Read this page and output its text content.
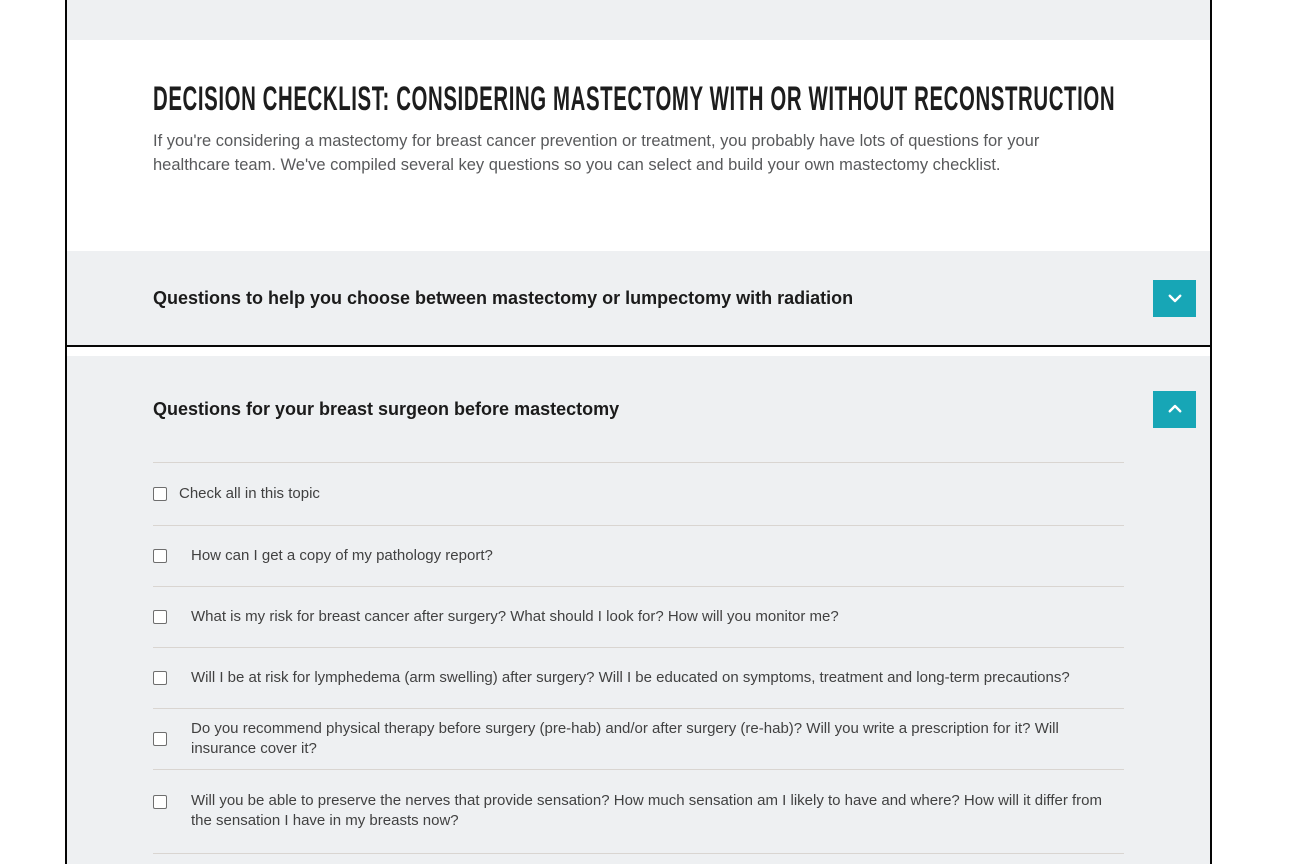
DECISION CHECKLIST: CONSIDERING MASTECTOMY WITH OR WITHOUT RECONSTRUCTION

If you're considering a mastectomy for breast cancer prevention or treatment, you probably have lots of questions for your healthcare team. We've compiled several key questions so you can select and build your own mastectomy checklist.

Questions to help you choose between mastectomy or lumpectomy with radiation
Questions for your breast surgeon before mastectomy
Check all in this topic
How can I get a copy of my pathology report?
What is my risk for breast cancer after surgery? What should I look for? How will you monitor me?
Will I be at risk for lymphedema (arm swelling) after surgery? Will I be educated on symptoms, treatment and long-term precautions?
Do you recommend physical therapy before surgery (pre-hab) and/or after surgery (re-hab)? Will you write a prescription for it? Will insurance cover it?
Will you be able to preserve the nerves that provide sensation? How much sensation am I likely to have and where? How will it differ from the sensation I have in my breasts now?
